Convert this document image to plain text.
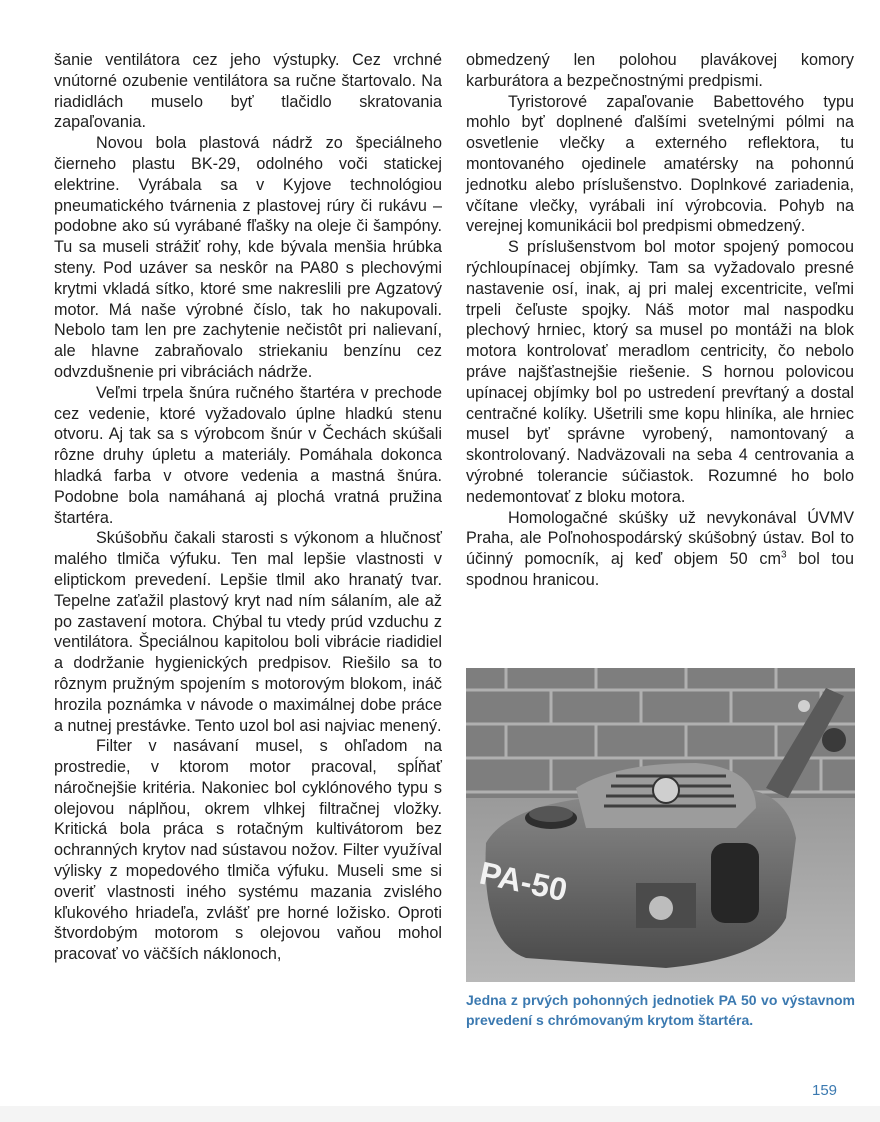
šanie ventilátora cez jeho výstupky. Cez vrchné vnútorné ozubenie ventilátora sa ručne štartovalo. Na riadidlách muselo byť tlačidlo skratovania zapaľovania.

Novou bola plastová nádrž zo špeciálneho čierneho plastu BK-29, odolného voči statickej elektrine. Vyrábala sa v Kyjove technológiou pneumatického tvárnenia z plastovej rúry či rukávu – podobne ako sú vyrábané fľašky na oleje či šampóny. Tu sa museli strážiť rohy, kde bývala menšia hrúbka steny. Pod uzáver sa neskôr na PA80 s plechovými krytmi vkladá sítko, ktoré sme nakreslili pre Agzatový motor. Má naše výrobné číslo, tak ho nakupovali. Nebolo tam len pre zachytenie nečistôt pri nalievaní, ale hlavne zabraňovalo striekaniu benzínu cez odvzdušnenie pri vibráciách nádrže.

Veľmi trpela šnúra ručného štartéra v prechode cez vedenie, ktoré vyžadovalo úplne hladkú stenu otvoru. Aj tak sa s výrobcom šnúr v Čechách skúšali rôzne druhy úpletu a materiály. Pomáhala dokonca hladká farba v otvore vedenia a mastná šnúra. Podobne bola namáhaná aj plochá vratná pružina štartéra.

Skúšobňu čakali starosti s výkonom a hlučnosť malého tlmiča výfuku. Ten mal lepšie vlastnosti v eliptickom prevedení. Lepšie tlmil ako hranatý tvar. Tepelne zaťažil plastový kryt nad ním sálaním, ale až po zastavení motora. Chýbal tu vtedy prúd vzduchu z ventilátora. Špeciálnou kapitolou boli vibrácie riadidiel a dodržanie hygienických predpisov. Riešilo sa to rôznym pružným spojením s motorovým blokom, ináč hrozila poznámka v návode o maximálnej dobe práce a nutnej prestávke. Tento uzol bol asi najviac menený.

Filter v nasávaní musel, s ohľadom na prostredie, v ktorom motor pracoval, spĺňať náročnejšie kritéria. Nakoniec bol cyklónového typu s olejovou náplňou, okrem vlhkej filtračnej vložky. Kritická bola práca s rotačným kultivátorom bez ochranných krytov nad sústavou nožov. Filter využíval výlisky z mopedového tlmiča výfuku. Museli sme si overiť vlastnosti iného systému mazania zvislého kľukového hriadeľa, zvlášť pre horné ložisko. Oproti štvordobým motorom s olejovou vaňou mohol pracovať vo väčších náklonoch,

obmedzený len polohou plavákovej komory karburátora a bezpečnostnými predpismi.

Tyristorové zapaľovanie Babettového typu mohlo byť doplnené ďalšími svetelnými pólmi na osvetlenie vlečky a externého reflektora, tu montovaného ojedinele amatérsky na pohonnú jednotku alebo príslušenstvo. Doplnkové zariadenia, včítane vlečky, vyrábali iní výrobcovia. Pohyb na verejnej komunikácii bol predpismi obmedzený.

S príslušenstvom bol motor spojený pomocou rýchloupínacej objímky. Tam sa vyžadovalo presné nastavenie osí, inak, aj pri malej excentricite, veľmi trpeli čeľuste spojky. Náš motor mal naspodku plechový hrniec, ktorý sa musel po montáži na blok motora kontrolovať meradlom centricity, čo nebolo práve najšťastnejšie riešenie. S hornou polovicou upínacej objímky bol po ustredení prevŕtaný a dostal centračné kolíky. Ušetrili sme kopu hliníka, ale hrniec musel byť správne vyrobený, namontovaný a skontrolovaný. Nadväzovali na seba 4 centrovania a výrobné tolerancie súčiastok. Rozumné ho bolo nedemontovať z bloku motora.

Homologačné skúšky už nevykonával ÚVMV Praha, ale Poľnohospodárský skúšobný ústav. Bol to účinný pomocník, aj keď objem 50 $cm^3$ bol tou spodnou hranicou.

PA-50
Jedna z prvých pohonných jednotiek PA 50 vo výstavnom prevedení s chrómovaným krytom štartéra.
159
